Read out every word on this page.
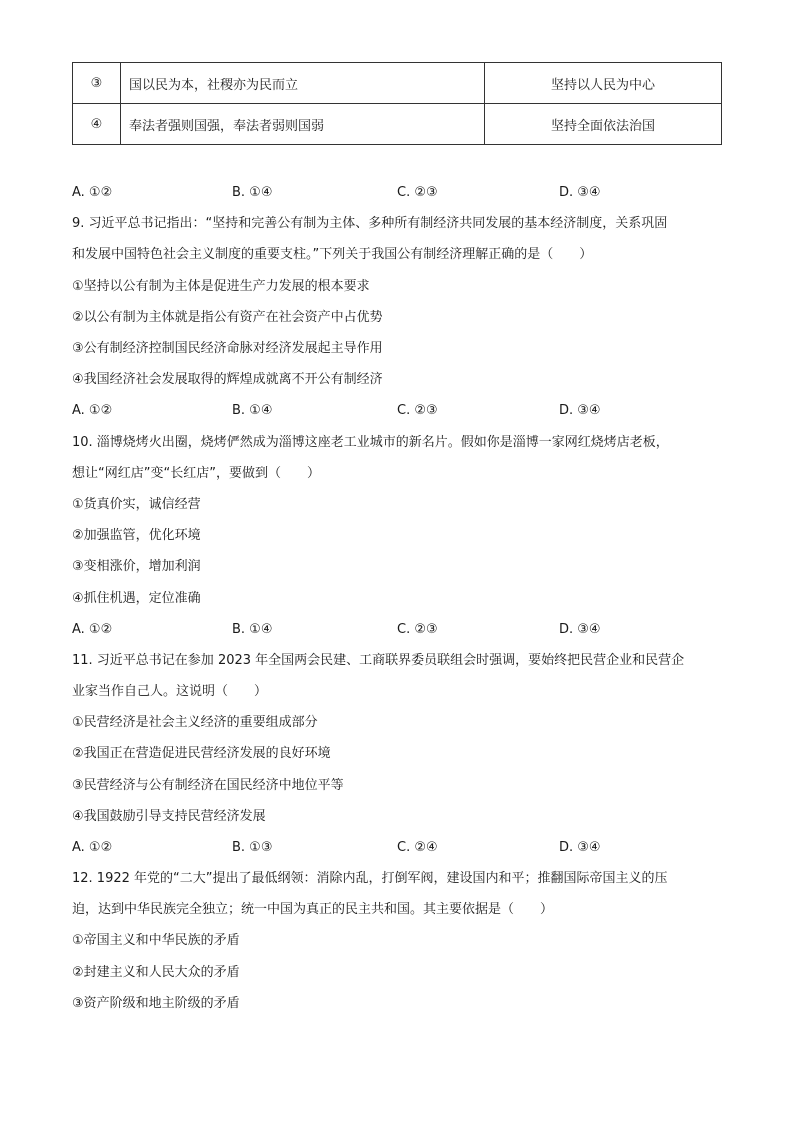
③	国以民为本，社稷亦为民而立	坚持以人民为中心
④	奉法者强则国强，奉法者弱则国弱	坚持全面依法治国
A. ①②	B. ①④	C. ②③	D. ③④
9. 习近平总书记指出：“坚持和完善公有制为主体、多种所有制经济共同发展的基本经济制度，关系巩固
和发展中国特色社会主义制度的重要支柱。”下列关于我国公有制经济理解正确的是（　　）
①坚持以公有制为主体是促进生产力发展的根本要求
②以公有制为主体就是指公有资产在社会资产中占优势
③公有制经济控制国民经济命脉对经济发展起主导作用
④我国经济社会发展取得的辉煌成就离不开公有制经济
A. ①②	B. ①④	C. ②③	D. ③④
10. 淄博烧烤火出圈，烧烤俨然成为淄博这座老工业城市的新名片。假如你是淄博一家网红烧烤店老板，
想让“网红店”变“长红店”，要做到（　　）
①货真价实，诚信经营
②加强监管，优化环境
③变相涨价，增加利润
④抓住机遇，定位准确
A. ①②	B. ①④	C. ②③	D. ③④
11. 习近平总书记在参加 2023 年全国两会民建、工商联界委员联组会时强调，要始终把民营企业和民营企
业家当作自己人。这说明（　　）
①民营经济是社会主义经济的重要组成部分
②我国正在营造促进民营经济发展的良好环境
③民营经济与公有制经济在国民经济中地位平等
④我国鼓励引导支持民营经济发展
A. ①②	B. ①③	C. ②④	D. ③④
12. 1922 年党的“二大”提出了最低纲领：消除内乱，打倒军阀，建设国内和平；推翻国际帝国主义的压
迫，达到中华民族完全独立；统一中国为真正的民主共和国。其主要依据是（　　）
①帝国主义和中华民族的矛盾
②封建主义和人民大众的矛盾
③资产阶级和地主阶级的矛盾
